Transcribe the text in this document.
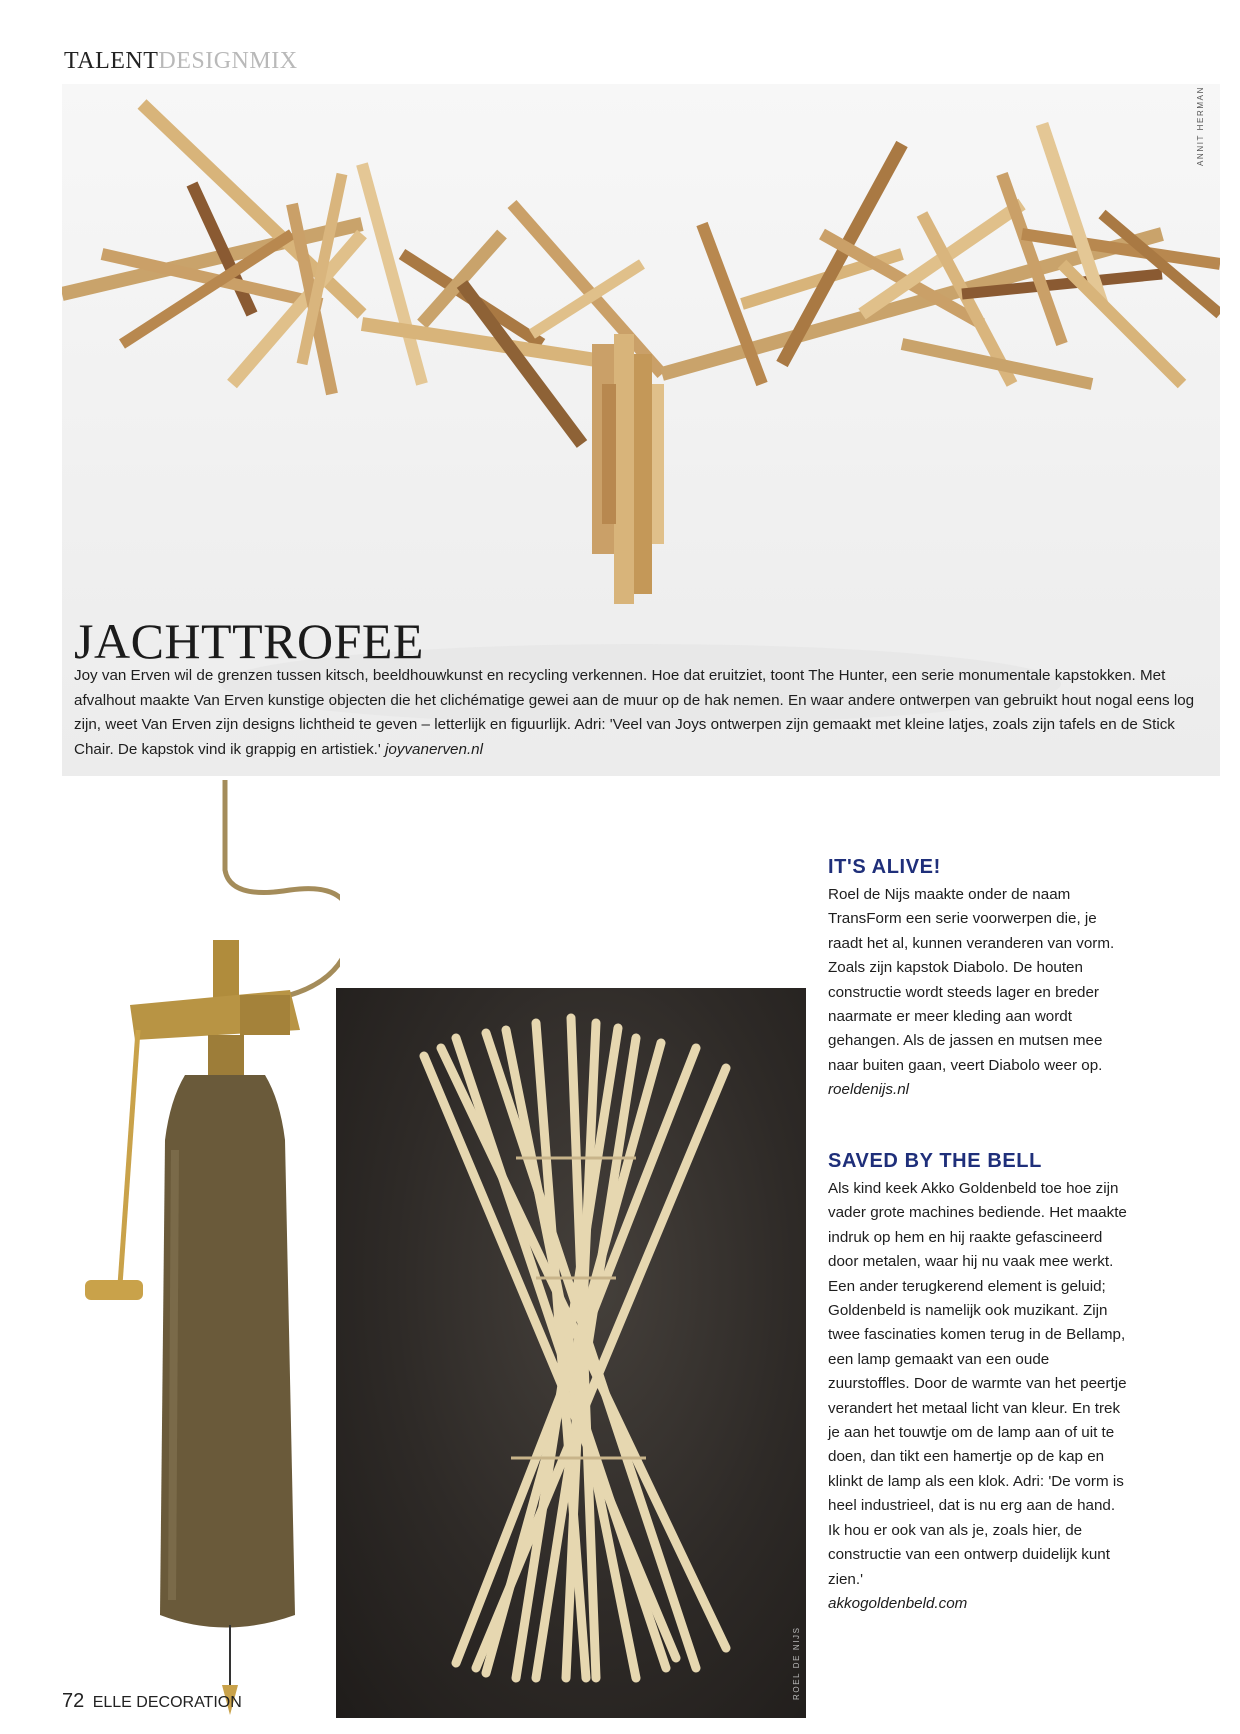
TALENTDESIGNMIX
ANNIT HERMAN
JACHTTROFEE
Joy van Erven wil de grenzen tussen kitsch, beeldhouwkunst en recycling verkennen. Hoe dat eruitziet, toont The Hunter, een serie monumentale kapstokken. Met afvalhout maakte Van Erven kunstige objecten die het clichématige gewei aan de muur op de hak nemen. En waar andere ontwerpen van gebruikt hout nogal eens log zijn, weet Van Erven zijn designs lichtheid te geven – letterlijk en figuurlijk. Adri: 'Veel van Joys ontwerpen zijn gemaakt met kleine latjes, zoals zijn tafels en de Stick Chair. De kapstok vind ik grappig en artistiek.' joyvanerven.nl
ROEL DE NIJS
IT'S ALIVE!
Roel de Nijs maakte onder de naam TransForm een serie voorwerpen die, je raadt het al, kunnen veranderen van vorm. Zoals zijn kapstok Diabolo. De houten constructie wordt steeds lager en breder naarmate er meer kleding aan wordt gehangen. Als de jassen en mutsen mee naar buiten gaan, veert Diabolo weer op.
roeldenijs.nl
SAVED BY THE BELL
Als kind keek Akko Goldenbeld toe hoe zijn vader grote machines bediende. Het maakte indruk op hem en hij raakte gefascineerd door metalen, waar hij nu vaak mee werkt. Een ander terugkerend element is geluid; Goldenbeld is namelijk ook muzikant. Zijn twee fascinaties komen terug in de Bellamp, een lamp gemaakt van een oude zuurstoffles. Door de warmte van het peertje verandert het metaal licht van kleur. En trek je aan het touwtje om de lamp aan of uit te doen, dan tikt een hamertje op de kap en klinkt de lamp als een klok. Adri: 'De vorm is heel industrieel, dat is nu erg aan de hand. Ik hou er ook van als je, zoals hier, de constructie van een ontwerp duidelijk kunt zien.'
akkogoldenbeld.com
72 ELLE DECORATION
